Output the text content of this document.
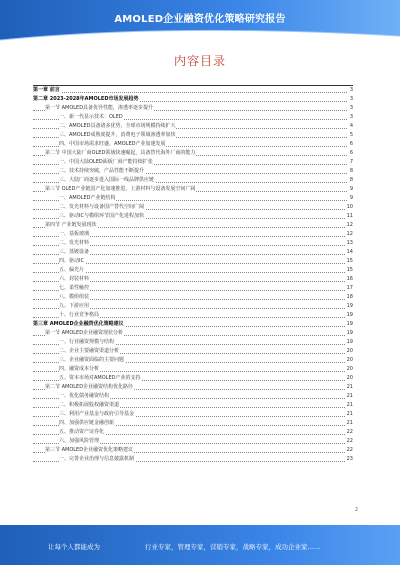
AMOLED企业融资优化策略研究报告
内容目录
第一章 前言	3
第二章 2023-2028年AMOLED市场发展趋势	3
第一节 AMOLED具备优异性能，渗透率逐步提升	3
一、新一代显示技术：OLED	3
二、AMOLED具备诸多优势，全球市场规模持续扩大	4
三、AMOLED成熟度提升，消费电子领域渗透率加快	5
四、中国市场需求旺盛，AMOLED产业加速发展	6
第二节 中国大陆厂商OLED领域快速崛起，具备替代海外厂商的能力	6
一、中国大陆OLED面板厂商产能持续扩张	7
二、技术持续突破，产品性能不断提升	8
三、大陆厂商逐步进入国际一线品牌供应链	8
第三节 OLED产业链国产化加速推进，上游材料与设备发展空间广阔	9
一、AMOLED产业链结构	9
二、发光材料与设备国产替代空间广阔	10
三、驱动IC与模组环节国产化进程加快	11
第四节 产业链发展现状	12
一、基板玻璃	12
二、发光材料	13
三、蒸镀设备	14
四、驱动IC	15
五、偏光片	15
六、封装材料	16
七、柔性触控	17
八、模组组装	18
九、下游应用	19
十、行业竞争格局	19
第三章 AMOLED企业融资优化策略建议	19
第一节 AMOLED企业融资现状分析	19
一、行业融资规模与结构	19
二、企业主要融资渠道分析	20
三、企业融资面临的主要问题	20
四、融资成本分析	20
五、资本市场对AMOLED产业的支持	20
第二节 AMOLED企业融资结构优化路径	21
一、优化债务融资结构	21
二、积极拓展股权融资渠道	21
三、利用产业基金与政府引导基金	21
四、加强供应链金融创新	21
五、推动资产证券化	22
六、加强风险管理	22
第三节 AMOLED企业融资优化策略建议	22
一、完善企业治理与信息披露机制	23
2
让每个人都能成为	行业专家，管理专家，营销专家，战略专家，成功企业家……
